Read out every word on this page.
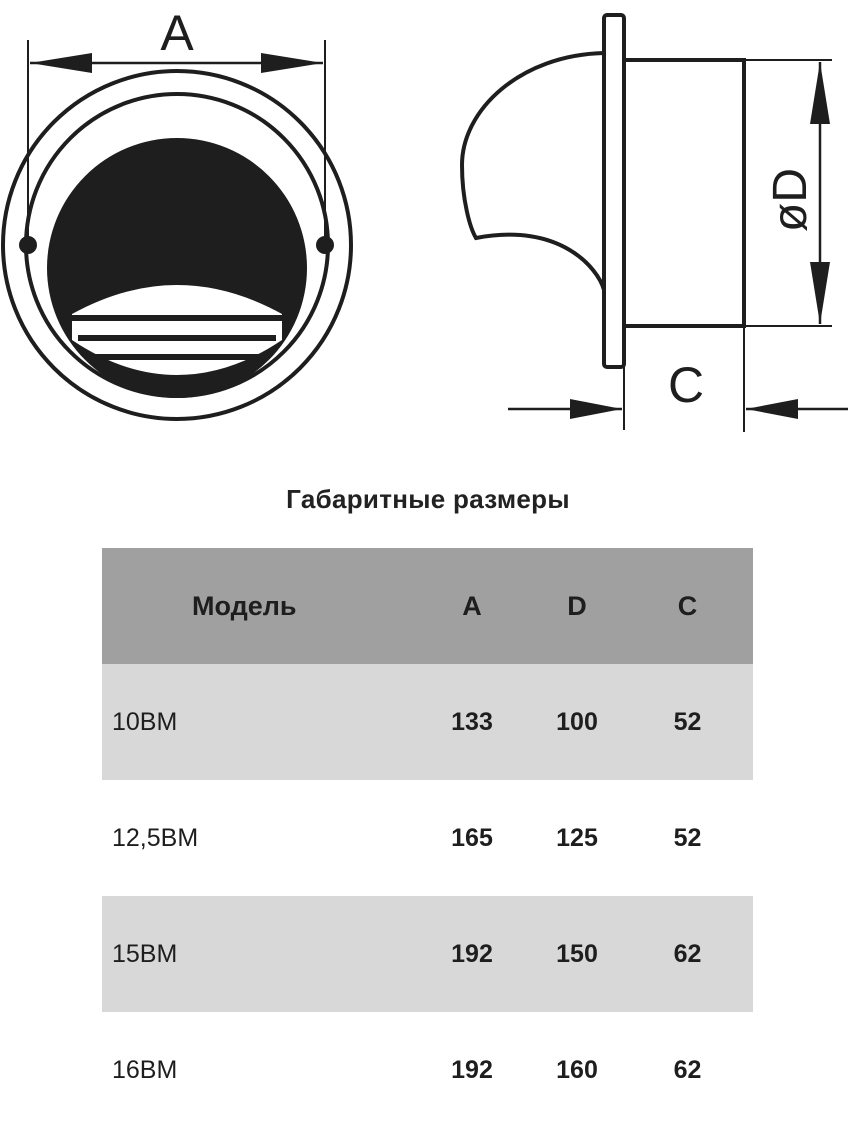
A
øD
C
Габаритные размеры
Модель	A	D	C
10ВМ	133	100	52
12,5ВМ	165	125	52
15ВМ	192	150	62
16ВМ	192	160	62
